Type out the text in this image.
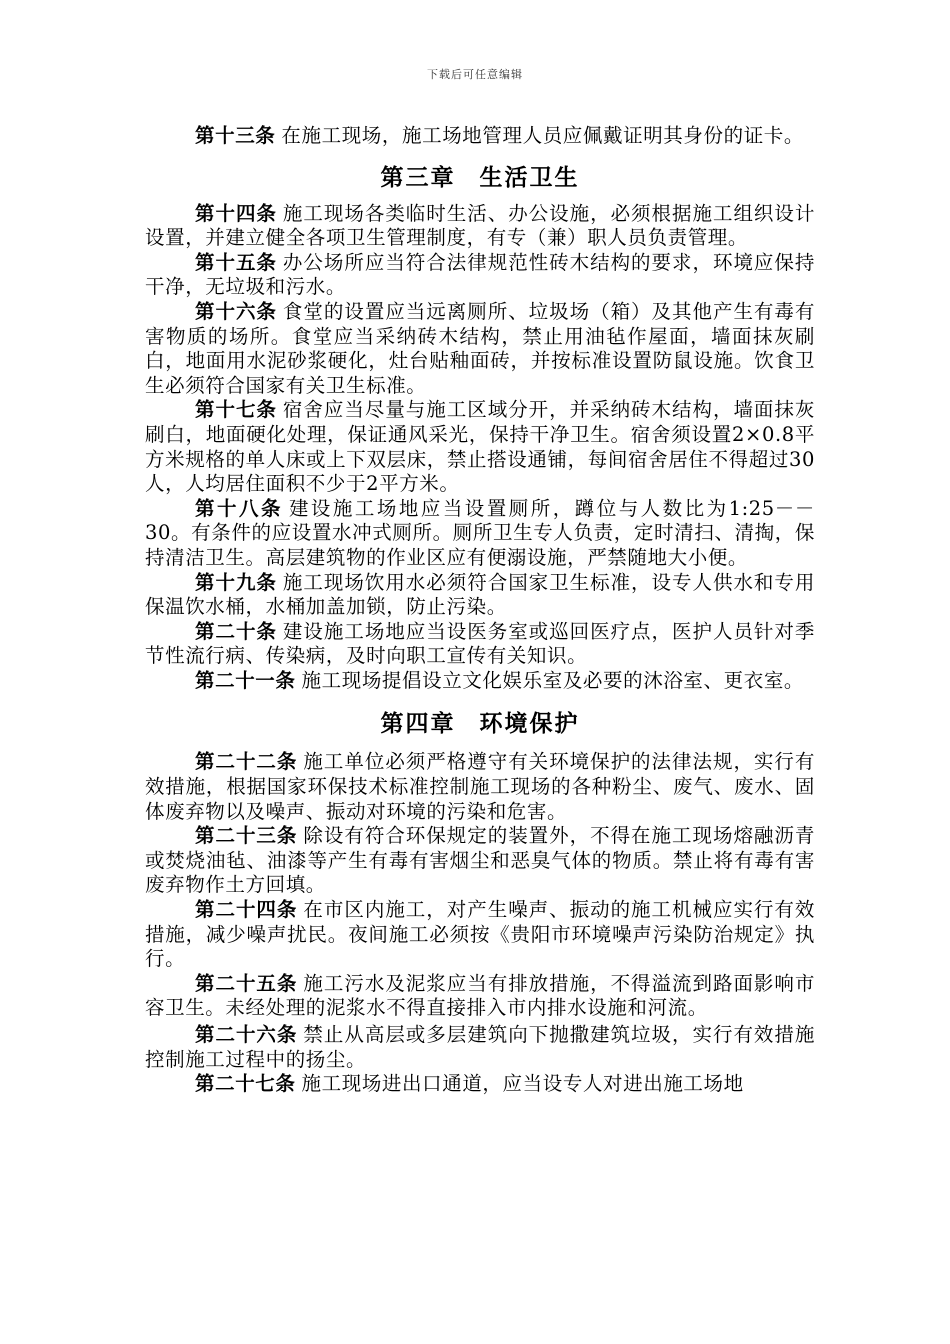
下载后可任意编辑

第十三条 在施工现场，施工场地管理人员应佩戴证明其身份的证卡。

第三章 生活卫生

第十四条 施工现场各类临时生活、办公设施，必须根据施工组织设计设置，并建立健全各项卫生管理制度，有专（兼）职人员负责管理。

第十五条 办公场所应当符合法律规范性砖木结构的要求，环境应保持干净，无垃圾和污水。

第十六条 食堂的设置应当远离厕所、垃圾场（箱）及其他产生有毒有害物质的场所。食堂应当采纳砖木结构，禁止用油毡作屋面，墙面抹灰刷白，地面用水泥砂浆硬化，灶台贴釉面砖，并按标准设置防鼠设施。饮食卫生必须符合国家有关卫生标准。

第十七条 宿舍应当尽量与施工区域分开，并采纳砖木结构，墙面抹灰刷白，地面硬化处理，保证通风采光，保持干净卫生。宿舍须设置2×0.8平方米规格的单人床或上下双层床，禁止搭设通铺，每间宿舍居住不得超过30人，人均居住面积不少于2平方米。

第十八条 建设施工场地应当设置厕所，蹲位与人数比为1:25－－30。有条件的应设置水冲式厕所。厕所卫生专人负责，定时清扫、清掏，保持清洁卫生。高层建筑物的作业区应有便溺设施，严禁随地大小便。

第十九条 施工现场饮用水必须符合国家卫生标准，设专人供水和专用保温饮水桶，水桶加盖加锁，防止污染。

第二十条 建设施工场地应当设医务室或巡回医疗点，医护人员针对季节性流行病、传染病，及时向职工宣传有关知识。

第二十一条 施工现场提倡设立文化娱乐室及必要的沐浴室、更衣室。

第四章 环境保护

第二十二条 施工单位必须严格遵守有关环境保护的法律法规，实行有效措施，根据国家环保技术标准控制施工现场的各种粉尘、废气、废水、固体废弃物以及噪声、振动对环境的污染和危害。

第二十三条 除设有符合环保规定的装置外，不得在施工现场熔融沥青或焚烧油毡、油漆等产生有毒有害烟尘和恶臭气体的物质。禁止将有毒有害废弃物作土方回填。

第二十四条 在市区内施工，对产生噪声、振动的施工机械应实行有效措施，减少噪声扰民。夜间施工必须按《贵阳市环境噪声污染防治规定》执行。

第二十五条 施工污水及泥浆应当有排放措施，不得溢流到路面影响市容卫生。未经处理的泥浆水不得直接排入市内排水设施和河流。

第二十六条 禁止从高层或多层建筑向下抛撒建筑垃圾，实行有效措施控制施工过程中的扬尘。

第二十七条 施工现场进出口通道，应当设专人对进出施工场地
